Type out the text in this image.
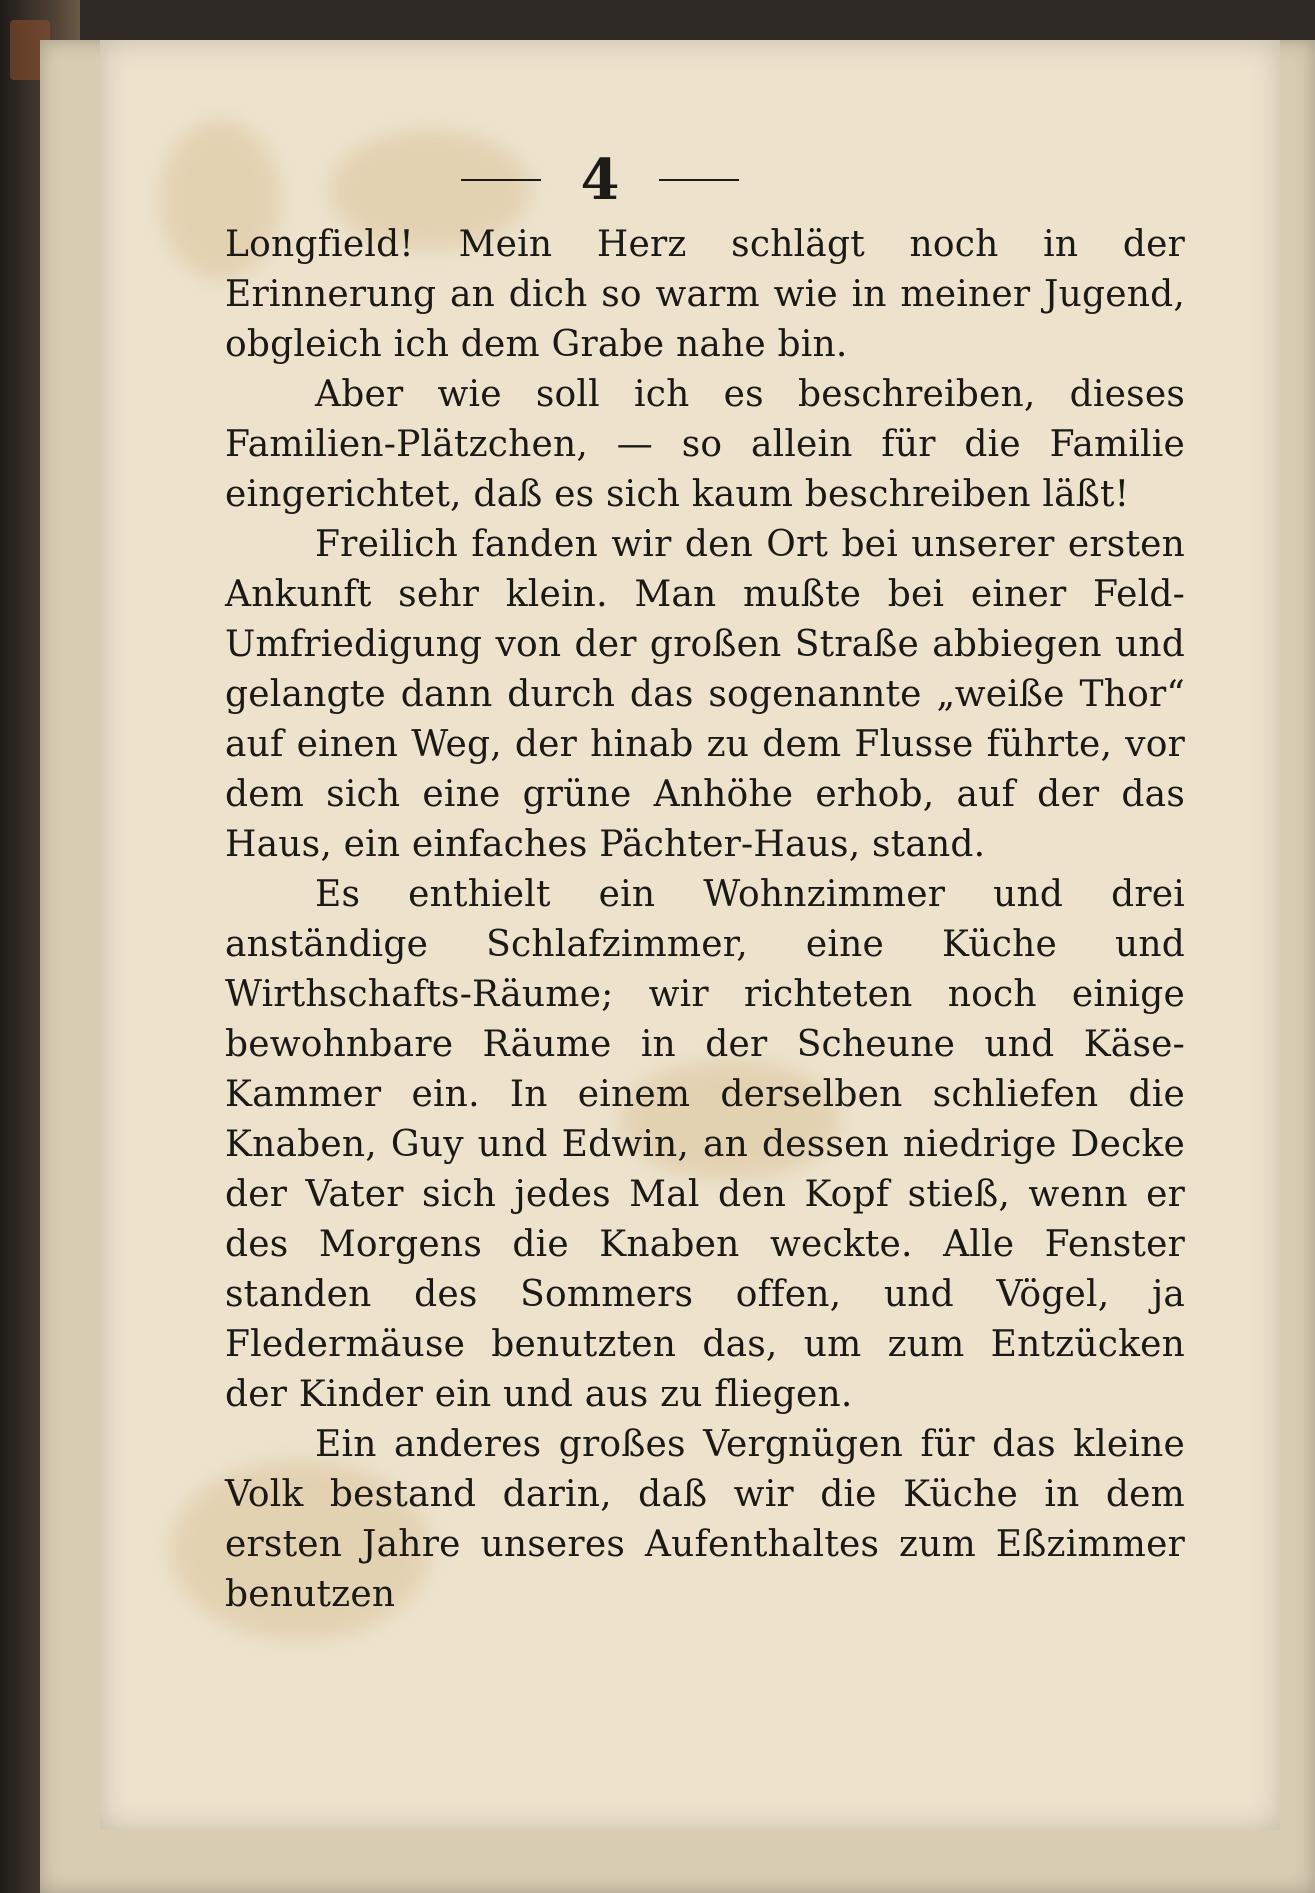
4

Longfield! Mein Herz schlägt noch in der Erinnerung an dich so warm wie in meiner Jugend, obgleich ich dem Grabe nahe bin.

Aber wie soll ich es beschreiben, dieses Familien-Plätzchen, — so allein für die Familie eingerichtet, daß es sich kaum beschreiben läßt!

Freilich fanden wir den Ort bei unserer ersten Ankunft sehr klein. Man mußte bei einer Feld-Umfriedigung von der großen Straße abbiegen und gelangte dann durch das sogenannte „weiße Thor“ auf einen Weg, der hinab zu dem Flusse führte, vor dem sich eine grüne Anhöhe erhob, auf der das Haus, ein einfaches Pächter-Haus, stand.

Es enthielt ein Wohnzimmer und drei anständige Schlafzimmer, eine Küche und Wirthschafts-Räume; wir richteten noch einige bewohnbare Räume in der Scheune und Käse-Kammer ein. In einem derselben schliefen die Knaben, Guy und Edwin, an dessen niedrige Decke der Vater sich jedes Mal den Kopf stieß, wenn er des Morgens die Knaben weckte. Alle Fenster standen des Sommers offen, und Vögel, ja Fledermäuse benutzten das, um zum Entzücken der Kinder ein und aus zu fliegen.

Ein anderes großes Vergnügen für das kleine Volk bestand darin, daß wir die Küche in dem ersten Jahre unseres Aufenthaltes zum Eßzimmer benutzen
